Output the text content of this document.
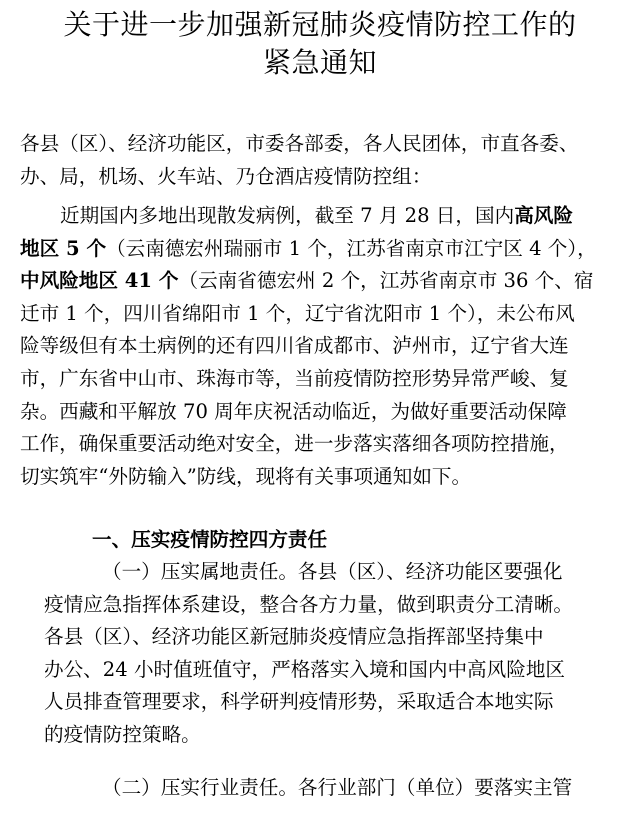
关于进一步加强新冠肺炎疫情防控工作的
紧急通知
各县（区）、经济功能区，市委各部委，各人民团体，市直各委、
办、局，机场、火车站、乃仓酒店疫情防控组：
近期国内多地出现散发病例，截至 7 月 28 日，国内高风险
地区 5 个（云南德宏州瑞丽市 1 个，江苏省南京市江宁区 4 个），
中风险地区 41 个（云南省德宏州 2 个，江苏省南京市 36 个、宿
迁市 1 个，四川省绵阳市 1 个，辽宁省沈阳市 1 个），未公布风
险等级但有本土病例的还有四川省成都市、泸州市，辽宁省大连
市，广东省中山市、珠海市等，当前疫情防控形势异常严峻、复
杂。西藏和平解放 70 周年庆祝活动临近，为做好重要活动保障
工作，确保重要活动绝对安全，进一步落实落细各项防控措施，
切实筑牢“外防输入”防线，现将有关事项通知如下。
一、压实疫情防控四方责任
（一）压实属地责任。各县（区）、经济功能区要强化
疫情应急指挥体系建设，整合各方力量，做到职责分工清晰。
各县（区）、经济功能区新冠肺炎疫情应急指挥部坚持集中
办公、24 小时值班值守，严格落实入境和国内中高风险地区
人员排查管理要求，科学研判疫情形势，采取适合本地实际
的疫情防控策略。
（二）压实行业责任。各行业部门（单位）要落实主管
